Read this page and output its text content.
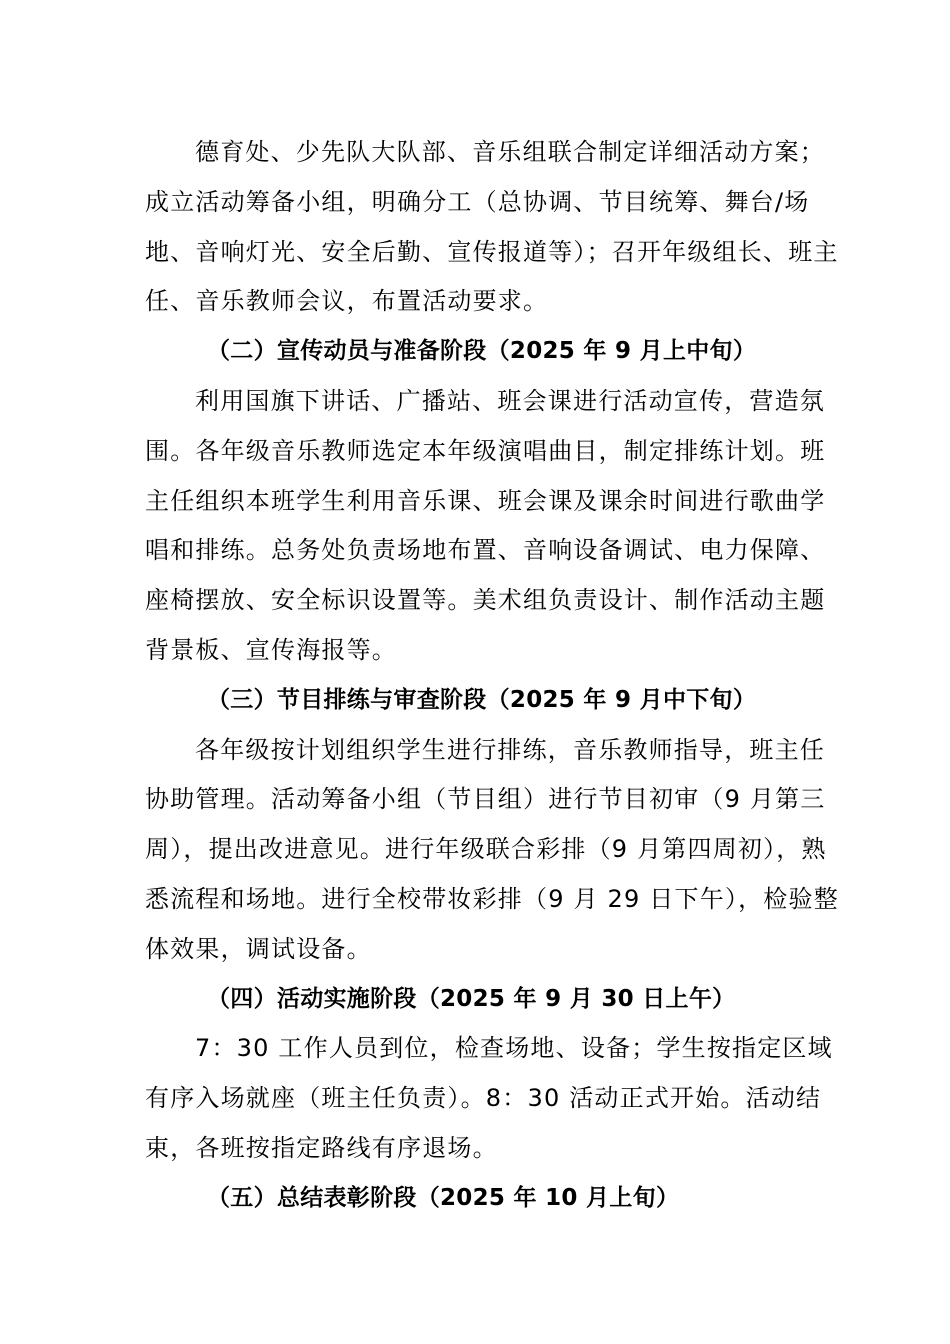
德育处、少先队大队部、音乐组联合制定详细活动方案；成立活动筹备小组，明确分工（总协调、节目统筹、舞台/场地、音响灯光、安全后勤、宣传报道等）；召开年级组长、班主任、音乐教师会议，布置活动要求。

（二）宣传动员与准备阶段（2025 年 9 月上中旬）

利用国旗下讲话、广播站、班会课进行活动宣传，营造氛围。各年级音乐教师选定本年级演唱曲目，制定排练计划。班主任组织本班学生利用音乐课、班会课及课余时间进行歌曲学唱和排练。总务处负责场地布置、音响设备调试、电力保障、座椅摆放、安全标识设置等。美术组负责设计、制作活动主题背景板、宣传海报等。

（三）节目排练与审查阶段（2025 年 9 月中下旬）

各年级按计划组织学生进行排练，音乐教师指导，班主任协助管理。活动筹备小组（节目组）进行节目初审（9 月第三周），提出改进意见。进行年级联合彩排（9 月第四周初），熟悉流程和场地。进行全校带妆彩排（9 月 29 日下午），检验整体效果，调试设备。

（四）活动实施阶段（2025 年 9 月 30 日上午）

7：30 工作人员到位，检查场地、设备；学生按指定区域有序入场就座（班主任负责）。8：30 活动正式开始。活动结束，各班按指定路线有序退场。

（五）总结表彰阶段（2025 年 10 月上旬）
